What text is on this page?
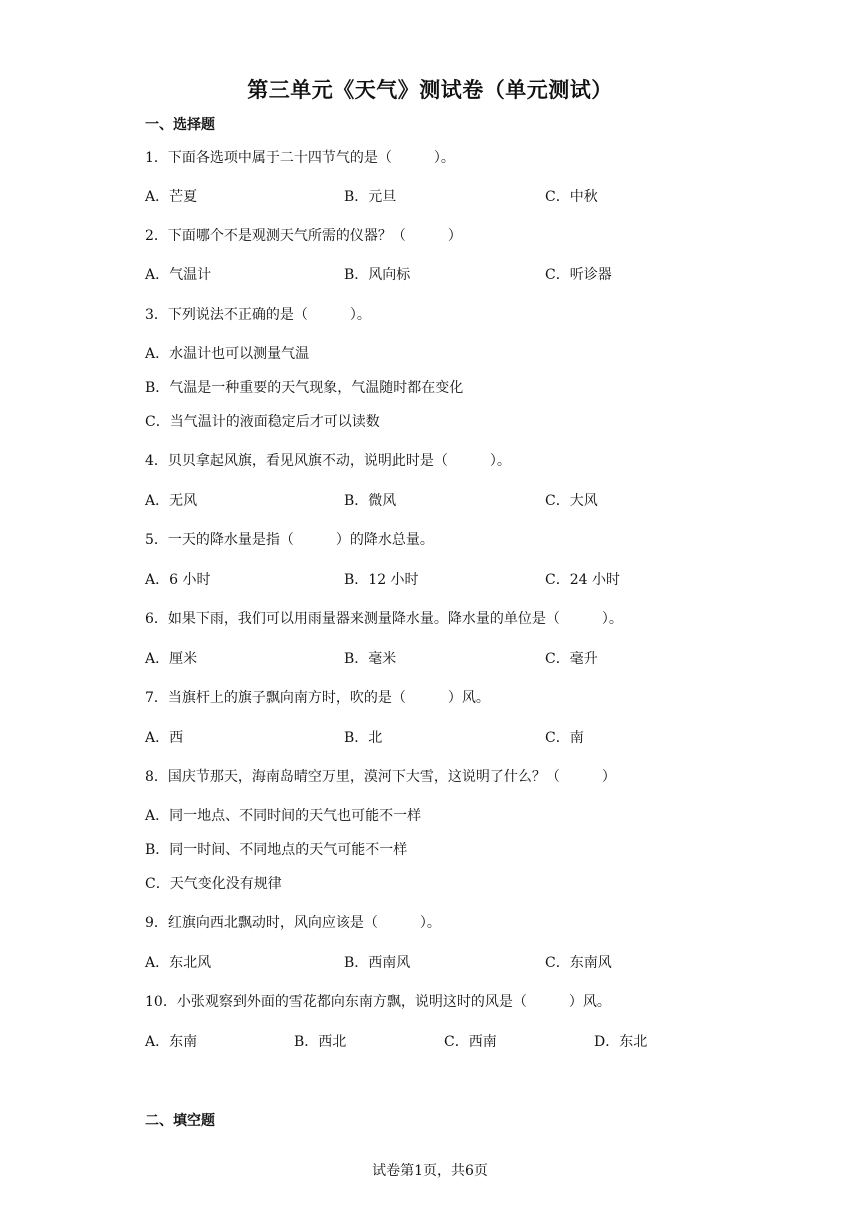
第三单元《天气》测试卷（单元测试）
一、选择题
1．下面各选项中属于二十四节气的是（　　　）。
A．芒夏	B．元旦	C．中秋
2．下面哪个不是观测天气所需的仪器？（　　　）
A．气温计	B．风向标	C．听诊器
3．下列说法不正确的是（　　　）。
A．水温计也可以测量气温
B．气温是一种重要的天气现象，气温随时都在变化
C．当气温计的液面稳定后才可以读数
4．贝贝拿起风旗，看见风旗不动，说明此时是（　　　）。
A．无风	B．微风	C．大风
5．一天的降水量是指（　　　）的降水总量。
A．6 小时	B．12 小时	C．24 小时
6．如果下雨，我们可以用雨量器来测量降水量。降水量的单位是（　　　）。
A．厘米	B．毫米	C．毫升
7．当旗杆上的旗子飘向南方时，吹的是（　　　）风。
A．西	B．北	C．南
8．国庆节那天，海南岛晴空万里，漠河下大雪，这说明了什么？（　　　）
A．同一地点、不同时间的天气也可能不一样
B．同一时间、不同地点的天气可能不一样
C．天气变化没有规律
9．红旗向西北飘动时，风向应该是（　　　）。
A．东北风	B．西南风	C．东南风
10．小张观察到外面的雪花都向东南方飘，说明这时的风是（　　　）风。
A．东南	B．西北	C．西南	D．东北
二、填空题
试卷第1页，共6页
